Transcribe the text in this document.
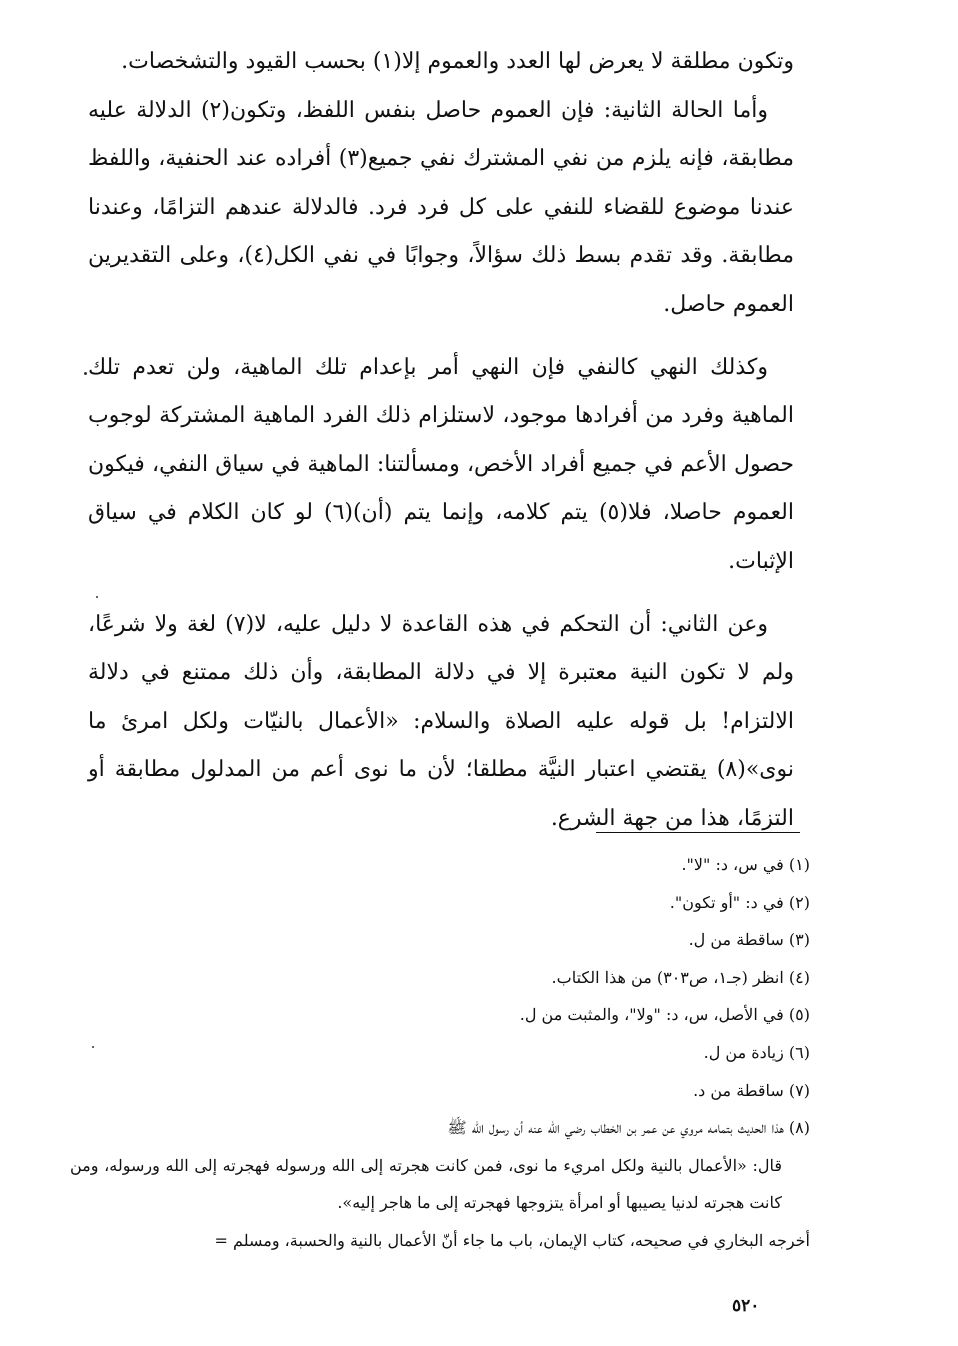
وتكون مطلقة لا يعرض لها العدد والعموم إلا(١) بحسب القيود والتشخصات.

وأما الحالة الثانية: فإن العموم حاصل بنفس اللفظ، وتكون(٢) الدلالة عليه مطابقة، فإنه يلزم من نفي المشترك نفي جميع(٣) أفراده عند الحنفية، واللفظ عندنا موضوع للقضاء للنفي على كل فرد فرد. فالدلالة عندهم التزامًا، وعندنا مطابقة. وقد تقدم بسط ذلك سؤالاً، وجوابًا في نفي الكل(٤)، وعلى التقديرين العموم حاصل.

وكذلك النهي كالنفي فإن النهي أمر بإعدام تلك الماهية، ولن تعدم تلك الماهية وفرد من أفرادها موجود، لاستلزام ذلك الفرد الماهية المشتركة لوجوب حصول الأعم في جميع أفراد الأخص، ومسألتنا: الماهية في سياق النفي، فيكون العموم حاصلا، فلا(٥) يتم كلامه، وإنما يتم (أن)(٦) لو كان الكلام في سياق الإثبات.

وعن الثاني: أن التحكم في هذه القاعدة لا دليل عليه، لا(٧) لغة ولا شرعًا، ولم لا تكون النية معتبرة إلا في دلالة المطابقة، وأن ذلك ممتنع في دلالة الالتزام! بل قوله عليه الصلاة والسلام: «الأعمال بالنيّات ولكل امرئ ما نوى»(٨) يقتضي اعتبار النيَّة مطلقا؛ لأن ما نوى أعم من المدلول مطابقة أو التزمًا، هذا من جهة الشرع.

(١) في س، د: "لا".
(٢) في د: "أو تكون".
(٣) ساقطة من ل.
(٤) انظر (جـ١، ص٣٠٣) من هذا الكتاب.
(٥) في الأصل، س، د: "ولا"، والمثبت من ل.
(٦) زيادة من ل.
(٧) ساقطة من د.
(٨) هذا الحديث بتمامه مروي عن عمر بن الخطاب رضي الله عنه أن رسول الله ﷺ
قال: «الأعمال بالنية ولكل امريء ما نوى، فمن كانت هجرته إلى الله ورسوله فهجرته إلى الله ورسوله، ومن كانت هجرته لدنيا يصيبها أو امرأة يتزوجها فهجرته إلى ما هاجر إليه».
أخرجه البخاري في صحيحه، كتاب الإيمان، باب ما جاء أنّ الأعمال بالنية والحسبة، ومسلم =
٥٢٠
